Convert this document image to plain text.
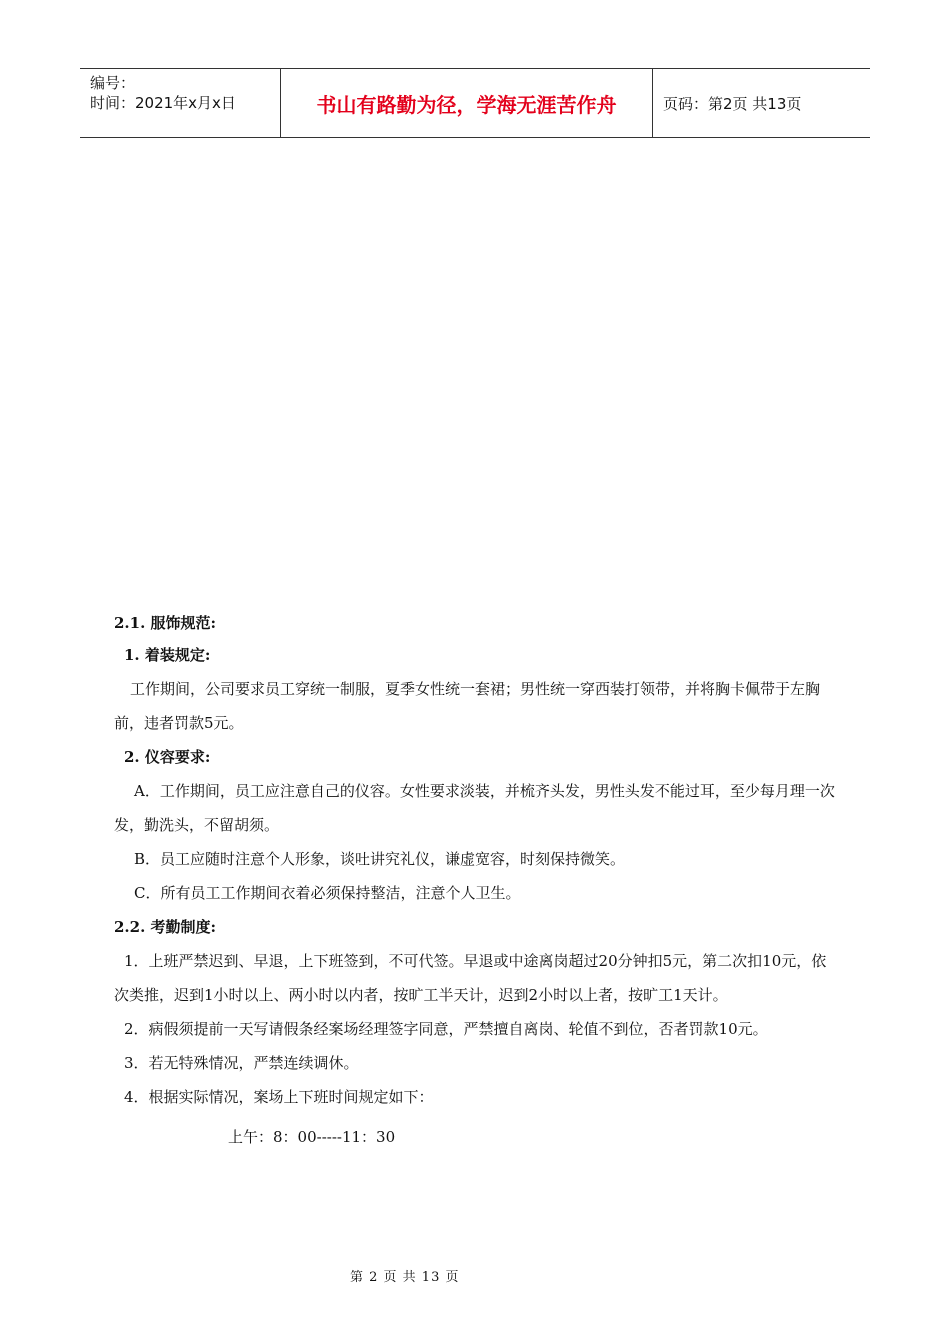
编号：
时间：2021年x月x日	书山有路勤为径，学海无涯苦作舟	页码：第2页 共13页

2.1. 服饰规范:

1. 着装规定:

工作期间，公司要求员工穿统一制服，夏季女性统一套裙；男性统一穿西装打领带，并将胸卡佩带于左胸前，违者罚款5元。

2. 仪容要求:

A．工作期间，员工应注意自己的仪容。女性要求淡装，并梳齐头发，男性头发不能过耳，至少每月理一次发，勤洗头，不留胡须。

B．员工应随时注意个人形象，谈吐讲究礼仪，谦虚宽容，时刻保持微笑。

C．所有员工工作期间衣着必须保持整洁，注意个人卫生。

2.2. 考勤制度:

1．上班严禁迟到、早退，上下班签到，不可代签。早退或中途离岗超过20分钟扣5元，第二次扣10元，依次类推，迟到1小时以上、两小时以内者，按旷工半天计，迟到2小时以上者，按旷工1天计。

2．病假须提前一天写请假条经案场经理签字同意，严禁擅自离岗、轮值不到位，否者罚款10元。

3．若无特殊情况，严禁连续调休。

4．根据实际情况，案场上下班时间规定如下：

上午：8：00-----11：30

第 2 页 共 13 页
